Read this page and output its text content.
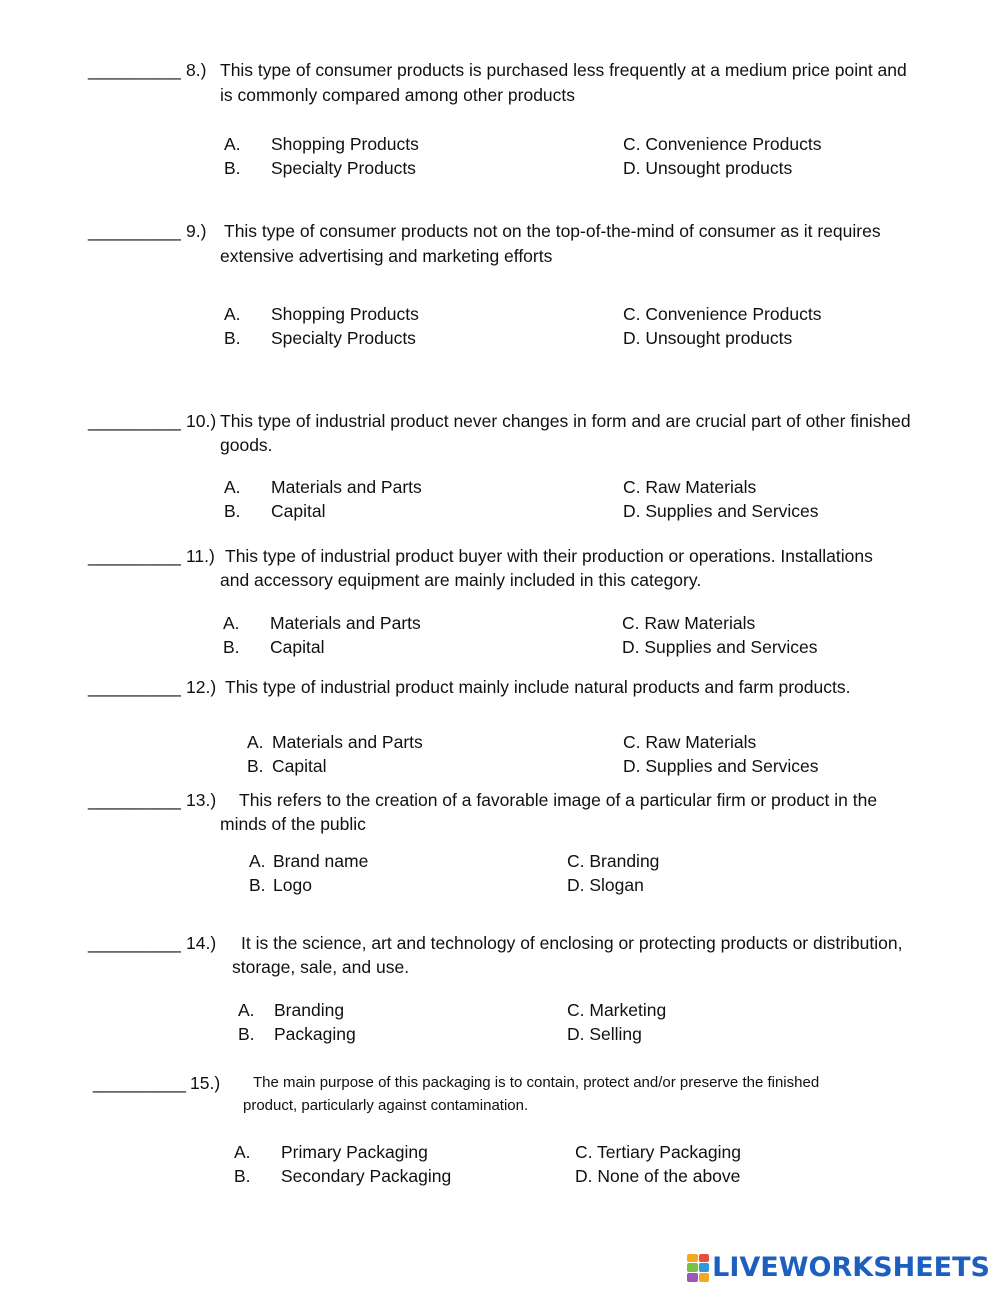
__________ 8.) This type of consumer products is purchased less frequently at a medium price point and
is commonly compared among other products
A. Shopping Products
B. Specialty Products
C. Convenience Products
D. Unsought products
__________ 9.) This type of consumer products not on the top-of-the-mind of consumer as it requires
extensive advertising and marketing efforts
A. Shopping Products
B. Specialty Products
C. Convenience Products
D. Unsought products
__________ 10.) This type of industrial product never changes in form and are crucial part of other finished
goods.
A. Materials and Parts
B. Capital
C. Raw Materials
D. Supplies and Services
__________ 11.) This type of industrial product buyer with their production or operations. Installations
and accessory equipment are mainly included in this category.
A. Materials and Parts
B. Capital
C. Raw Materials
D. Supplies and Services
__________ 12.) This type of industrial product mainly include natural products and farm products.
A. Materials and Parts
B. Capital
C. Raw Materials
D. Supplies and Services
__________ 13.) This refers to the creation of a favorable image of a particular firm or product in the
minds of the public
A. Brand name
B. Logo
C. Branding
D. Slogan
__________ 14.) It is the science, art and technology of enclosing or protecting products or distribution,
storage, sale, and use.
A. Branding
B. Packaging
C. Marketing
D. Selling
__________ 15.) The main purpose of this packaging is to contain, protect and/or preserve the finished
product, particularly against contamination.
A. Primary Packaging
B. Secondary Packaging
C. Tertiary Packaging
D. None of the above
LIVEWORKSHEETS
